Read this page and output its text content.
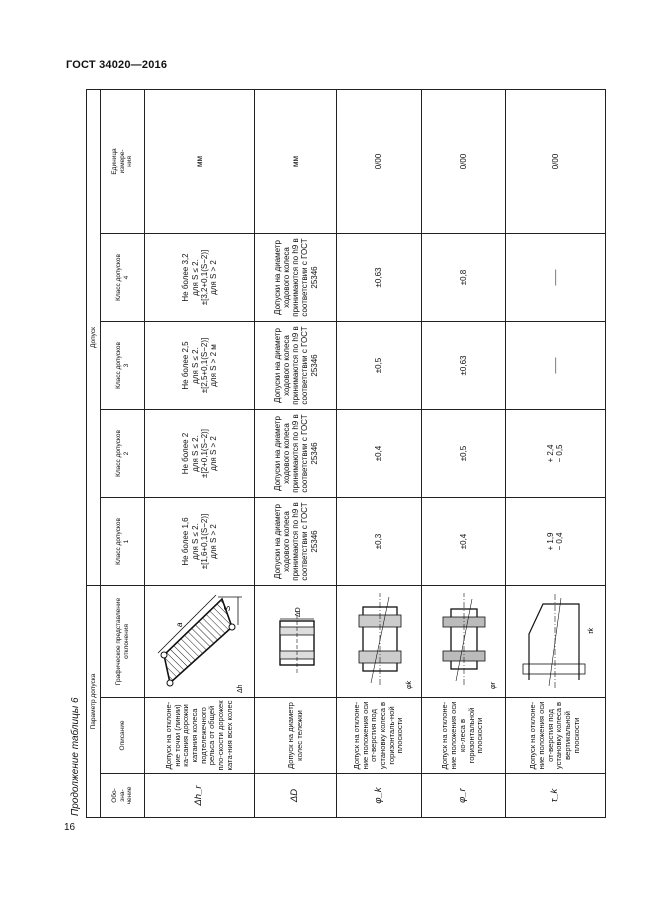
ГОСТ 34020—2016
16
Продолжение таблицы 6 Параметр допуска			Допуск				
Обо-
зна-
чение	Описание	Графическое представление отклонения	Класс допусков
1	Класс допусков
2	Класс допусков
3	Класс допусков
4	Единица
измере-
ния
Δh_r	Допуск на отклоне-ние точки (линии) ка-сания дорожки катания колеса подтележечного рельса от общей пло-скости дорожек ката-ния всех колес	a
S
Δh	Не более 1,6
для S ≤ 2.
±[1,6+0,1(S−2)]
для S > 2	Не более 2
для S ≤ 2.
±[2+0,1(S−2)]
для S > 2	Не более 2,5
для S ≤ 2.
±[2,5+0,1(S−2)]
для S > 2 м	Не более 3,2
для S ≤ 2.
±[3,2+0,1(S−2)]
для S > 2	мм
ΔD	Допуск на диаметр колес тележки	ΔD	Допуски на диаметр ходового колеса принимаются по h9 в соответствии с ГОСТ 25346	Допуски на диаметр ходового колеса принимаются по h9 в соответствии с ГОСТ 25346	Допуски на диаметр ходового колеса принимаются по h9 в соответствии с ГОСТ 25346	Допуски на диаметр ходового колеса принимаются по h9 в соответствии с ГОСТ 25346	мм
φ_k	Допуск на отклоне-ние положения оси от-верстия под установку колеса в горизонталь-ной плоскости	φk	±0,3	±0,4	±0,5	±0,63	0/00
φ_r	Допуск на отклоне-ние положения оси ко-леса в горизонтальной плоскости	φr	±0,4	±0,5	±0,63	±0,8	0/00
τ_k	Допуск на отклоне-ние положения оси от-верстия под установку колеса в вертикальной плоскости	τk	+ 1,9
− 0,4	+ 2,4
− 0,5	——	——	0/00
